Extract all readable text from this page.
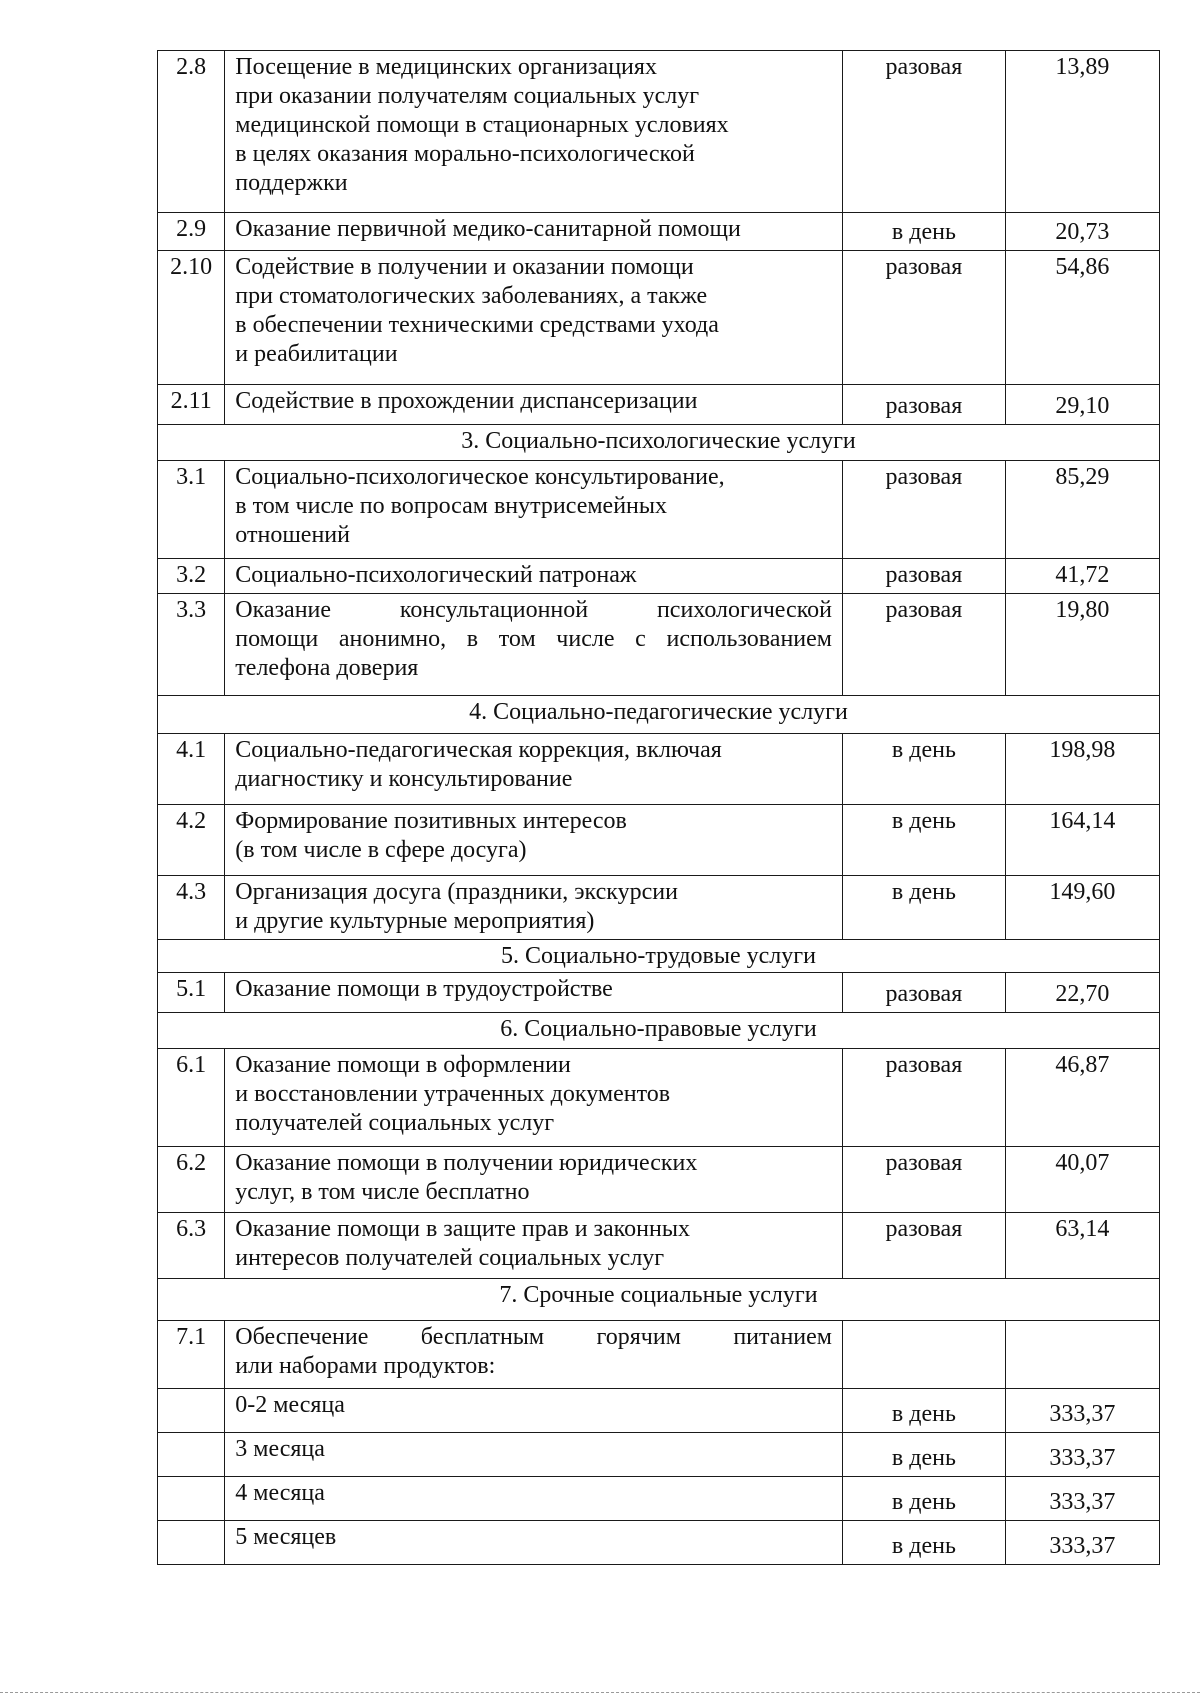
2.8	Посещение в медицинских организациях
при оказании получателям социальных услуг
медицинской помощи в стационарных условиях
в целях оказания морально-психологической
поддержки	разовая	13,89
2.9	Оказание первичной медико-санитарной помощи	в день	20,73
2.10	Содействие в получении и оказании помощи
при стоматологических заболеваниях, а также
в обеспечении техническими средствами ухода
и реабилитации	разовая	54,86
2.11	Содействие в прохождении диспансеризации	разовая	29,10
3. Социально-психологические услуги			
3.1	Социально-психологическое консультирование,
в том числе по вопросам внутрисемейных
отношений	разовая	85,29
3.2	Социально-психологический патронаж	разовая	41,72
3.3	Оказание консультационной психологической
помощи анонимно, в том числе с использованием
телефона доверия	разовая	19,80
4. Социально-педагогические услуги			
4.1	Социально-педагогическая коррекция, включая
диагностику и консультирование	в день	198,98
4.2	Формирование позитивных интересов
(в том числе в сфере досуга)	в день	164,14
4.3	Организация досуга (праздники, экскурсии
и другие культурные мероприятия)	в день	149,60
5. Социально-трудовые услуги			
5.1	Оказание помощи в трудоустройстве	разовая	22,70
6. Социально-правовые услуги			
6.1	Оказание помощи в оформлении
и восстановлении утраченных документов
получателей социальных услуг	разовая	46,87
6.2	Оказание помощи в получении юридических
услуг, в том числе бесплатно	разовая	40,07
6.3	Оказание помощи в защите прав и законных
интересов получателей социальных услуг	разовая	63,14
7. Срочные социальные услуги			
7.1	Обеспечение бесплатным горячим питанием
или наборами продуктов:		

	0-2 месяца	в день	333,37

	3 месяца	в день	333,37

	4 месяца	в день	333,37

	5 месяцев	в день	333,37
